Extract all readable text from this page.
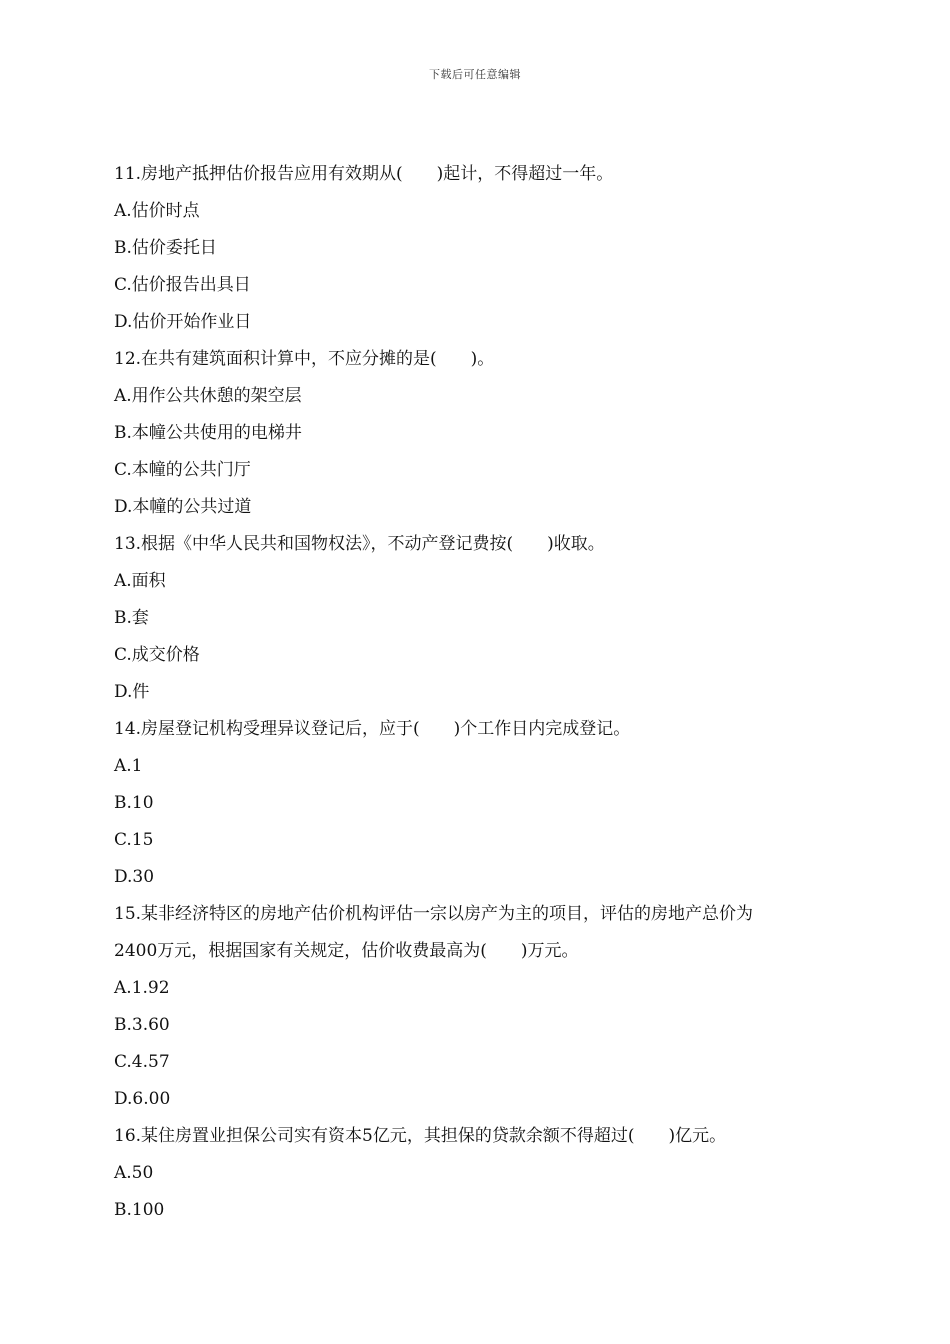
下载后可任意编辑
11.房地产抵押估价报告应用有效期从(　　)起计，不得超过一年。
A.估价时点
B.估价委托日
C.估价报告出具日
D.估价开始作业日
12.在共有建筑面积计算中，不应分摊的是(　　)。
A.用作公共休憩的架空层
B.本幢公共使用的电梯井
C.本幢的公共门厅
D.本幢的公共过道
13.根据《中华人民共和国物权法》，不动产登记费按(　　)收取。
A.面积
B.套
C.成交价格
D.件
14.房屋登记机构受理异议登记后，应于(　　)个工作日内完成登记。
A.1
B.10
C.15
D.30
15.某非经济特区的房地产估价机构评估一宗以房产为主的项目，评估的房地产总价为
2400万元，根据国家有关规定，估价收费最高为(　　)万元。
A.1.92
B.3.60
C.4.57
D.6.00
16.某住房置业担保公司实有资本5亿元，其担保的贷款余额不得超过(　　)亿元。
A.50
B.100
